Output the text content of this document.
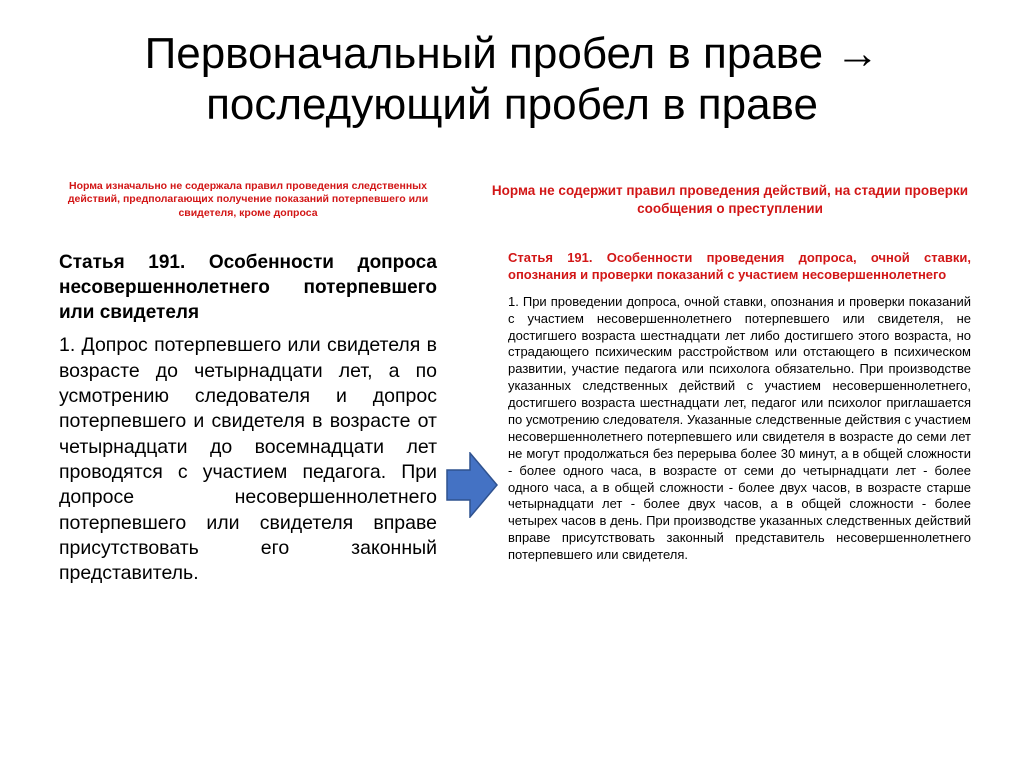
Первоначальный пробел в праве → последующий пробел в праве
Норма изначально не содержала правил проведения следственных действий, предполагающих получение показаний потерпевшего или свидетеля, кроме допроса
Норма не содержит правил проведения действий, на стадии проверки сообщения о преступлении

Статья 191. Особенности допроса несовершеннолетнего потерпевшего или свидетеля

1. Допрос потерпевшего или свидетеля в возрасте до четырнадцати лет, а по усмотрению следователя и допрос потерпевшего и свидетеля в возрасте от четырнадцати до восемнадцати лет проводятся с участием педагога. При допросе несовершеннолетнего потерпевшего или свидетеля вправе присутствовать его законный представитель.

Статья 191. Особенности проведения допроса, очной ставки, опознания и проверки показаний с участием несовершеннолетнего

1. При проведении допроса, очной ставки, опознания и проверки показаний с участием несовершеннолетнего потерпевшего или свидетеля, не достигшего возраста шестнадцати лет либо достигшего этого возраста, но страдающего психическим расстройством или отстающего в психическом развитии, участие педагога или психолога обязательно. При производстве указанных следственных действий с участием несовершеннолетнего, достигшего возраста шестнадцати лет, педагог или психолог приглашается по усмотрению следователя. Указанные следственные действия с участием несовершеннолетнего потерпевшего или свидетеля в возрасте до семи лет не могут продолжаться без перерыва более 30 минут, а в общей сложности - более одного часа, в возрасте от семи до четырнадцати лет - более одного часа, а в общей сложности - более двух часов, в возрасте старше четырнадцати лет - более двух часов, а в общей сложности - более четырех часов в день. При производстве указанных следственных действий вправе присутствовать законный представитель несовершеннолетнего потерпевшего или свидетеля.
